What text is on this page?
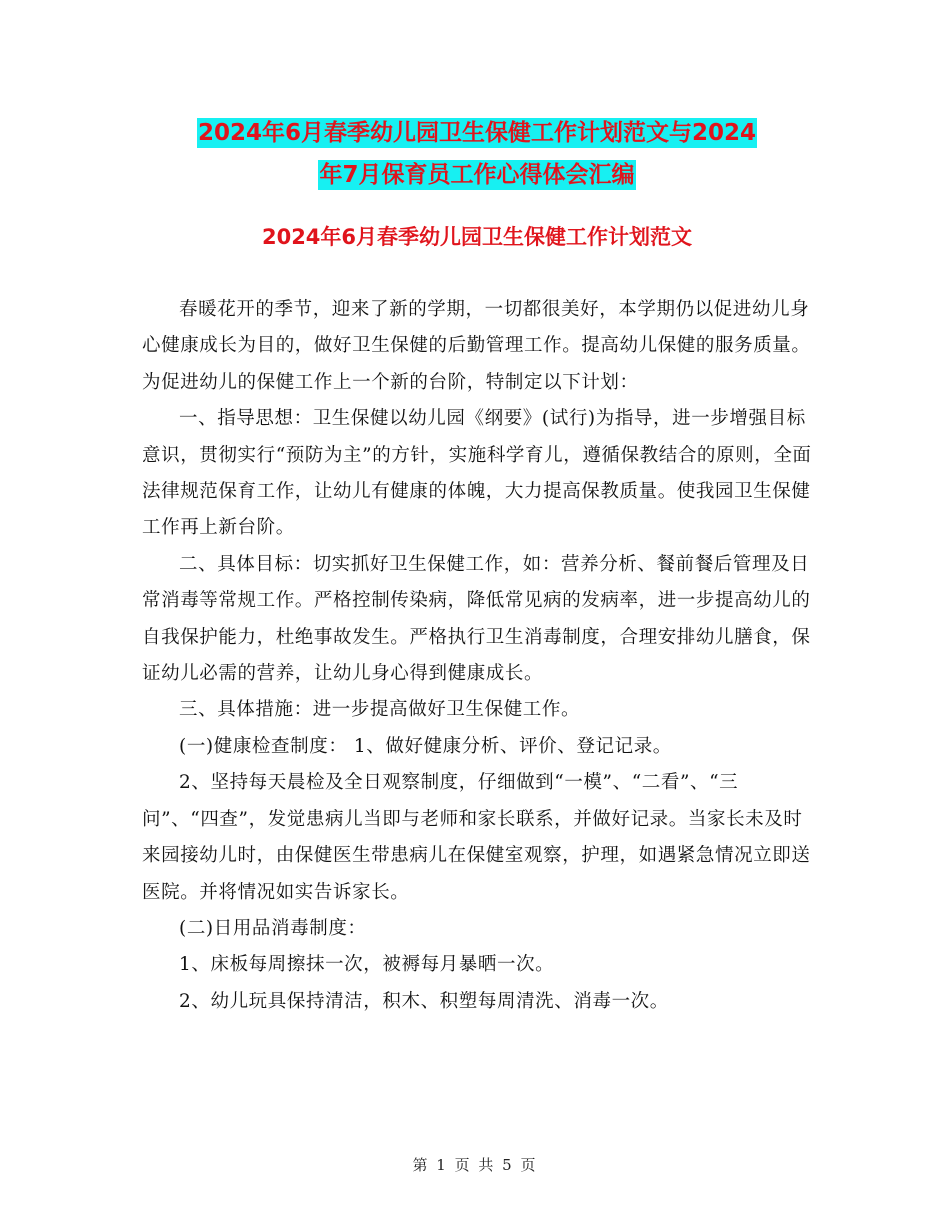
2024年6月春季幼儿园卫生保健工作计划范文与2024
年7月保育员工作心得体会汇编
2024年6月春季幼儿园卫生保健工作计划范文

春暖花开的季节，迎来了新的学期，一切都很美好，本学期仍以促进幼儿身心健康成长为目的，做好卫生保健的后勤管理工作。提高幼儿保健的服务质量。为促进幼儿的保健工作上一个新的台阶，特制定以下计划：

一、指导思想：卫生保健以幼儿园《纲要》(试行)为指导，进一步增强目标意识，贯彻实行“预防为主”的方针，实施科学育儿，遵循保教结合的原则，全面法律规范保育工作，让幼儿有健康的体魄，大力提高保教质量。使我园卫生保健工作再上新台阶。

二、具体目标：切实抓好卫生保健工作，如：营养分析、餐前餐后管理及日常消毒等常规工作。严格控制传染病，降低常见病的发病率，进一步提高幼儿的自我保护能力，杜绝事故发生。严格执行卫生消毒制度，合理安排幼儿膳食，保证幼儿必需的营养，让幼儿身心得到健康成长。

三、具体措施：进一步提高做好卫生保健工作。

(一)健康检查制度： 1、做好健康分析、评价、登记记录。

2、坚持每天晨检及全日观察制度，仔细做到“一模”、“二看”、“三问”、“四查”，发觉患病儿当即与老师和家长联系，并做好记录。当家长未及时来园接幼儿时，由保健医生带患病儿在保健室观察，护理，如遇紧急情况立即送医院。并将情况如实告诉家长。

(二)日用品消毒制度：

1、床板每周擦抹一次，被褥每月暴晒一次。

2、幼儿玩具保持清洁，积木、积塑每周清洗、消毒一次。

第 1 页 共 5 页
